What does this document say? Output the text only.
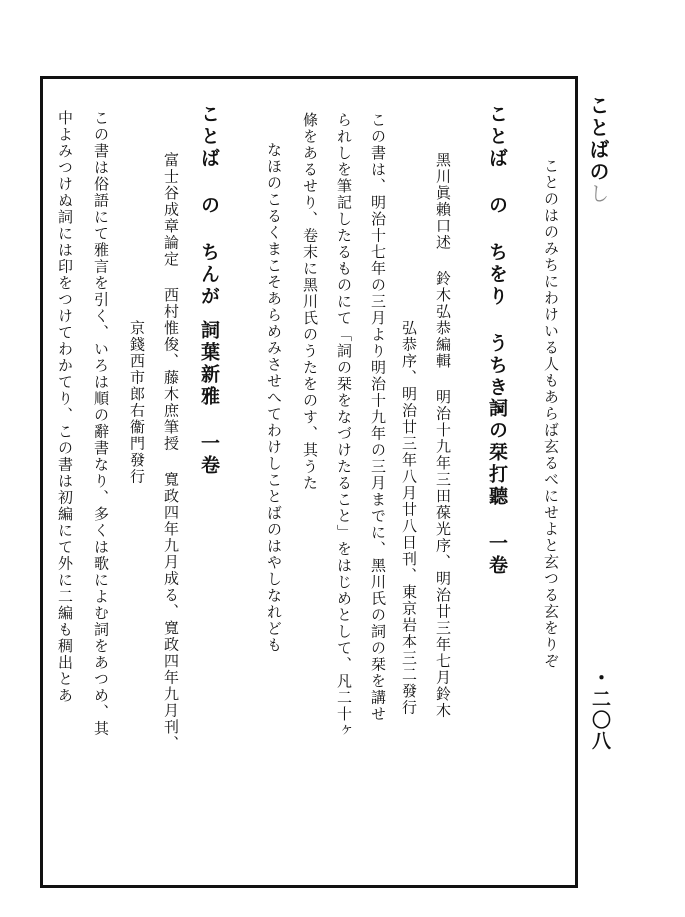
ことばのし
・二〇八
ことのはのみちにわけいる人もあらば玄るべにせよと玄つる玄をりぞ
ことば の ちをり うちきゝ
詞の栞打聽 一卷
黑川眞賴口述 鈴木弘恭編輯 明治十九年三田葆光序、明治廿三年七月鈴木
弘恭序、明治廿三年八月廿八日刊、東京岩本三二發行
この書は、明治十七年の三月より明治十九年の三月までに、黑川氏の詞の栞を講せ
られしを筆記したるものにて「詞の栞をなづけたること」をはじめとして、凡二十ヶ
條をあるせり、卷末に黑川氏のうたをのす、其うた
なほのこるくまこそあらめみさせへてわけしことばのはやしなれども
ことば の ちんが
詞葉新雅 一卷
富士谷成章論定 西村惟俊、藤木庶筆授 寬政四年九月成る、寬政四年九月刊、
京錢西市郎右衞門發行
この書は俗語にて雅言を引く、いろは順の辭書なり、多くは歌によむ詞をあつめ、其
中よみつけぬ詞には印をつけてわかてり、この書は初編にて外に二編も稠出とあ
